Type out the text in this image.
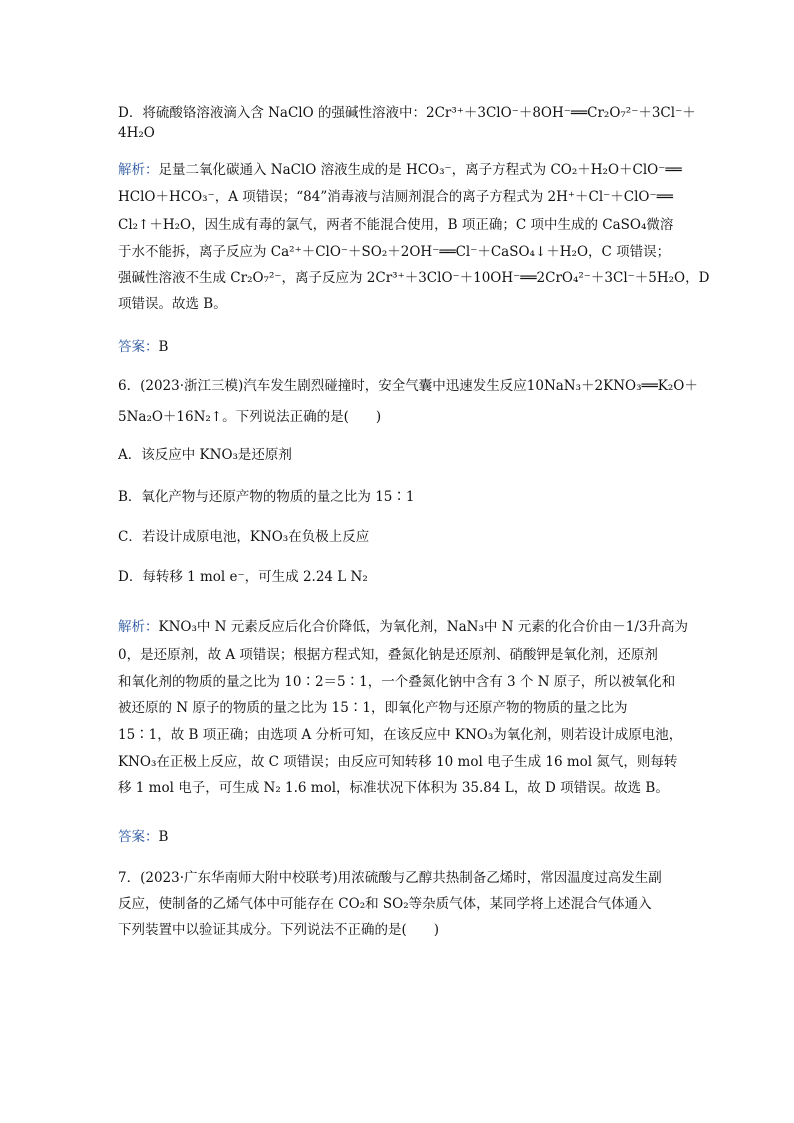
D．将硫酸铬溶液滴入含 NaClO 的强碱性溶液中：2Cr³⁺＋3ClO⁻＋8OH⁻══Cr₂O₇²⁻＋3Cl⁻＋
4H₂O
解析：足量二氧化碳通入 NaClO 溶液生成的是 HCO₃⁻，离子方程式为 CO₂＋H₂O＋ClO⁻══
HClO＋HCO₃⁻，A 项错误；“84”消毒液与洁厕剂混合的离子方程式为 2H⁺＋Cl⁻＋ClO⁻══
Cl₂↑＋H₂O，因生成有毒的氯气，两者不能混合使用，B 项正确；C 项中生成的 CaSO₄微溶
于水不能拆，离子反应为 Ca²⁺＋ClO⁻＋SO₂＋2OH⁻══Cl⁻＋CaSO₄↓＋H₂O，C 项错误；
强碱性溶液不生成 Cr₂O₇²⁻，离子反应为 2Cr³⁺＋3ClO⁻＋10OH⁻══2CrO₄²⁻＋3Cl⁻＋5H₂O，D
项错误。故选 B。
答案：B
6．(2023·浙江三模)汽车发生剧烈碰撞时，安全气囊中迅速发生反应10NaN₃＋2KNO₃══K₂O＋
5Na₂O＋16N₂↑。下列说法正确的是(　　)
A．该反应中 KNO₃是还原剂
B．氧化产物与还原产物的物质的量之比为 15∶1
C．若设计成原电池，KNO₃在负极上反应
D．每转移 1 mol e⁻，可生成 2.24 L N₂
解析：KNO₃中 N 元素反应后化合价降低，为氧化剂，NaN₃中 N 元素的化合价由－1/3升高为
0，是还原剂，故 A 项错误；根据方程式知，叠氮化钠是还原剂、硝酸钾是氧化剂，还原剂
和氧化剂的物质的量之比为 10∶2＝5∶1，一个叠氮化钠中含有 3 个 N 原子，所以被氧化和
被还原的 N 原子的物质的量之比为 15∶1，即氧化产物与还原产物的物质的量之比为
15∶1，故 B 项正确；由选项 A 分析可知，在该反应中 KNO₃为氧化剂，则若设计成原电池，
KNO₃在正极上反应，故 C 项错误；由反应可知转移 10 mol 电子生成 16 mol 氮气，则每转
移 1 mol 电子，可生成 N₂ 1.6 mol，标准状况下体积为 35.84 L，故 D 项错误。故选 B。
答案：B
7．(2023·广东华南师大附中校联考)用浓硫酸与乙醇共热制备乙烯时，常因温度过高发生副
反应，使制备的乙烯气体中可能存在 CO₂和 SO₂等杂质气体，某同学将上述混合气体通入
下列装置中以验证其成分。下列说法不正确的是(　　)
